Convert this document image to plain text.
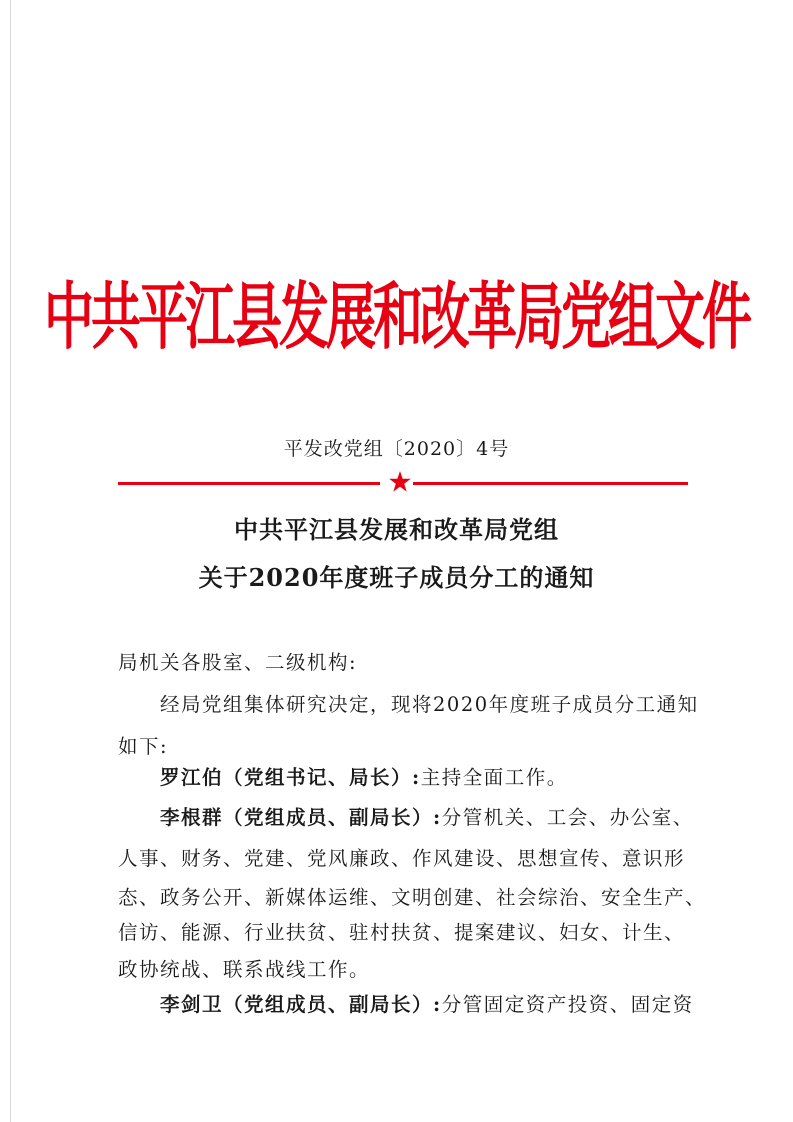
中共平江县发展和改革局党组文件
平发改党组〔2020〕4号
中共平江县发展和改革局党组
关于2020年度班子成员分工的通知
局机关各股室、二级机构:
经局党组集体研究决定，现将2020年度班子成员分工通知
如下:
罗江伯（党组书记、局长）:主持全面工作。
李根群（党组成员、副局长）:分管机关、工会、办公室、
人事、财务、党建、党风廉政、作风建设、思想宣传、意识形
态、政务公开、新媒体运维、文明创建、社会综治、安全生产、
信访、能源、行业扶贫、驻村扶贫、提案建议、妇女、计生、
政协统战、联系战线工作。
李剑卫（党组成员、副局长）:分管固定资产投资、固定资
